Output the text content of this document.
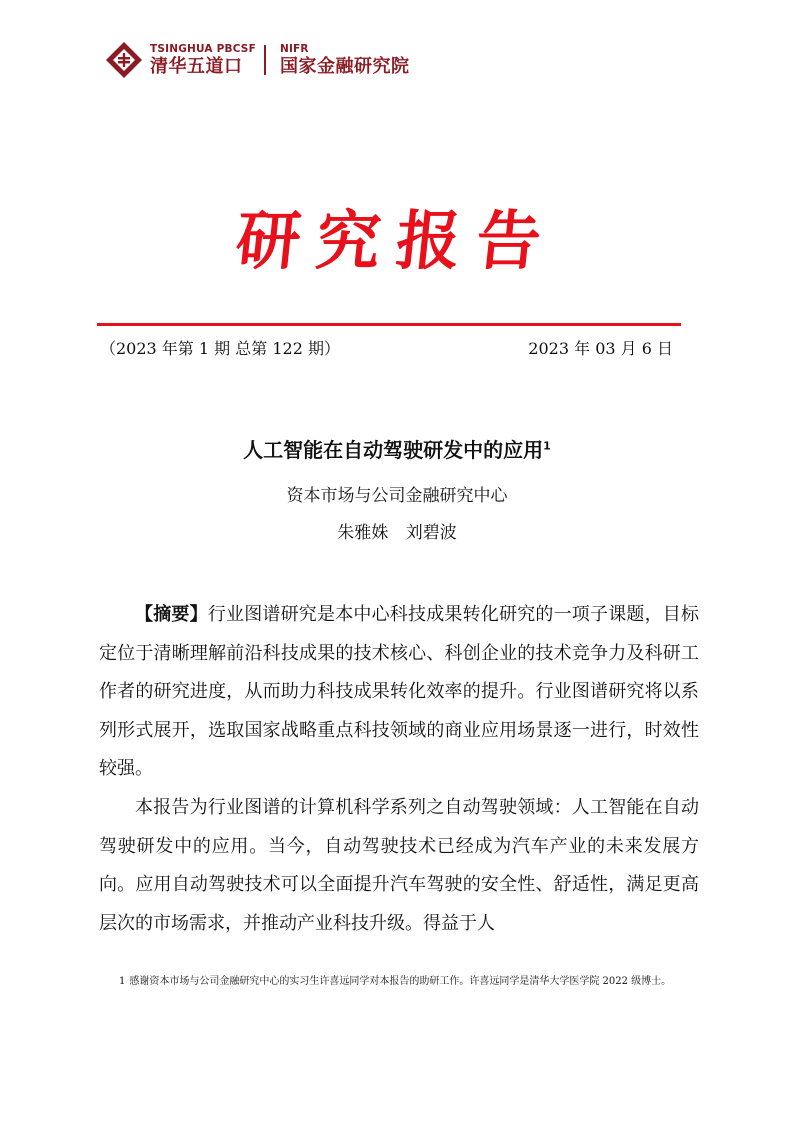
TSINGHUA PBCSF
清华五道口
NIFR
国家金融研究院
研究报告
（2023 年第 1 期 总第 122 期）	2023 年 03 月 6 日
人工智能在自动驾驶研发中的应用$^1$
资本市场与公司金融研究中心
朱雅姝 刘碧波

【摘要】行业图谱研究是本中心科技成果转化研究的一项子课题，目标定位于清晰理解前沿科技成果的技术核心、科创企业的技术竞争力及科研工作者的研究进度，从而助力科技成果转化效率的提升。行业图谱研究将以系列形式展开，选取国家战略重点科技领域的商业应用场景逐一进行，时效性较强。

本报告为行业图谱的计算机科学系列之自动驾驶领域：人工智能在自动驾驶研发中的应用。当今，自动驾驶技术已经成为汽车产业的未来发展方向。应用自动驾驶技术可以全面提升汽车驾驶的安全性、舒适性，满足更高层次的市场需求，并推动产业科技升级。得益于人

1 感谢资本市场与公司金融研究中心的实习生许喜远同学对本报告的助研工作。许喜远同学是清华大学医学院 2022 级博士。
